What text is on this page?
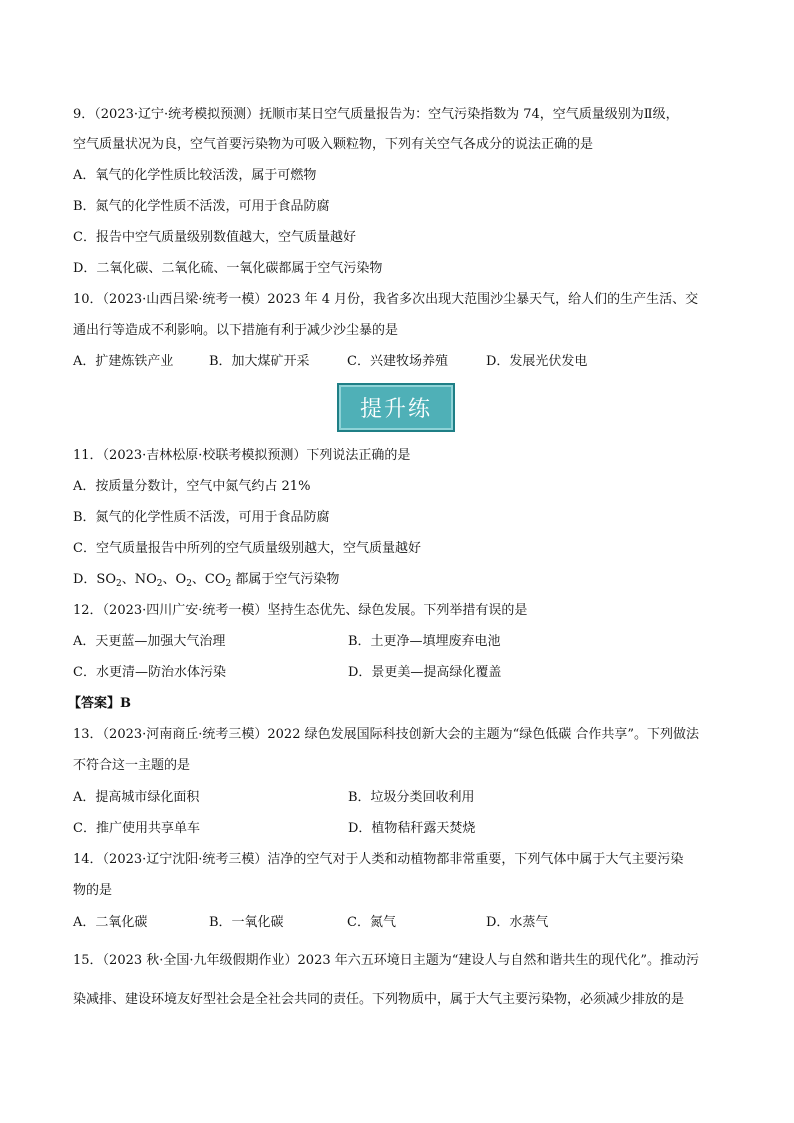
9．（2023·辽宁·统考模拟预测）抚顺市某日空气质量报告为：空气污染指数为 74，空气质量级别为Ⅱ级，
空气质量状况为良，空气首要污染物为可吸入颗粒物，下列有关空气各成分的说法正确的是
A．氧气的化学性质比较活泼，属于可燃物
B．氮气的化学性质不活泼，可用于食品防腐
C．报告中空气质量级别数值越大，空气质量越好
D．二氧化碳、二氧化硫、一氧化碳都属于空气污染物
10．（2023·山西吕梁·统考一模）2023 年 4 月份，我省多次出现大范围沙尘暴天气，给人们的生产生活、交
通出行等造成不利影响。以下措施有利于减少沙尘暴的是
A．扩建炼铁产业	B．加大煤矿开采	C．兴建牧场养殖	D．发展光伏发电
提升练
11．（2023·吉林松原·校联考模拟预测）下列说法正确的是
A．按质量分数计，空气中氮气约占 21%
B．氮气的化学性质不活泼，可用于食品防腐
C．空气质量报告中所列的空气质量级别越大，空气质量越好
D．$SO_2$、$NO_2$、$O_2$、$CO_2$ 都属于空气污染物
12．（2023·四川广安·统考一模）坚持生态优先、绿色发展。下列举措有误的是
A．天更蓝—加强大气治理	B．土更净—填埋废弃电池
C．水更清—防治水体污染	D．景更美—提高绿化覆盖
【答案】B
13．（2023·河南商丘·统考三模）2022 绿色发展国际科技创新大会的主题为“绿色低碳 合作共享”。下列做法
不符合这一主题的是
A．提高城市绿化面积	B．垃圾分类回收利用
C．推广使用共享单车	D．植物秸秆露天焚烧
14．（2023·辽宁沈阳·统考三模）洁净的空气对于人类和动植物都非常重要，下列气体中属于大气主要污染
物的是
A．二氧化碳	B．一氧化碳	C．氮气	D．水蒸气
15．（2023 秋·全国·九年级假期作业）2023 年六五环境日主题为“建设人与自然和谐共生的现代化”。推动污
染减排、建设环境友好型社会是全社会共同的责任。下列物质中，属于大气主要污染物，必须减少排放的是
